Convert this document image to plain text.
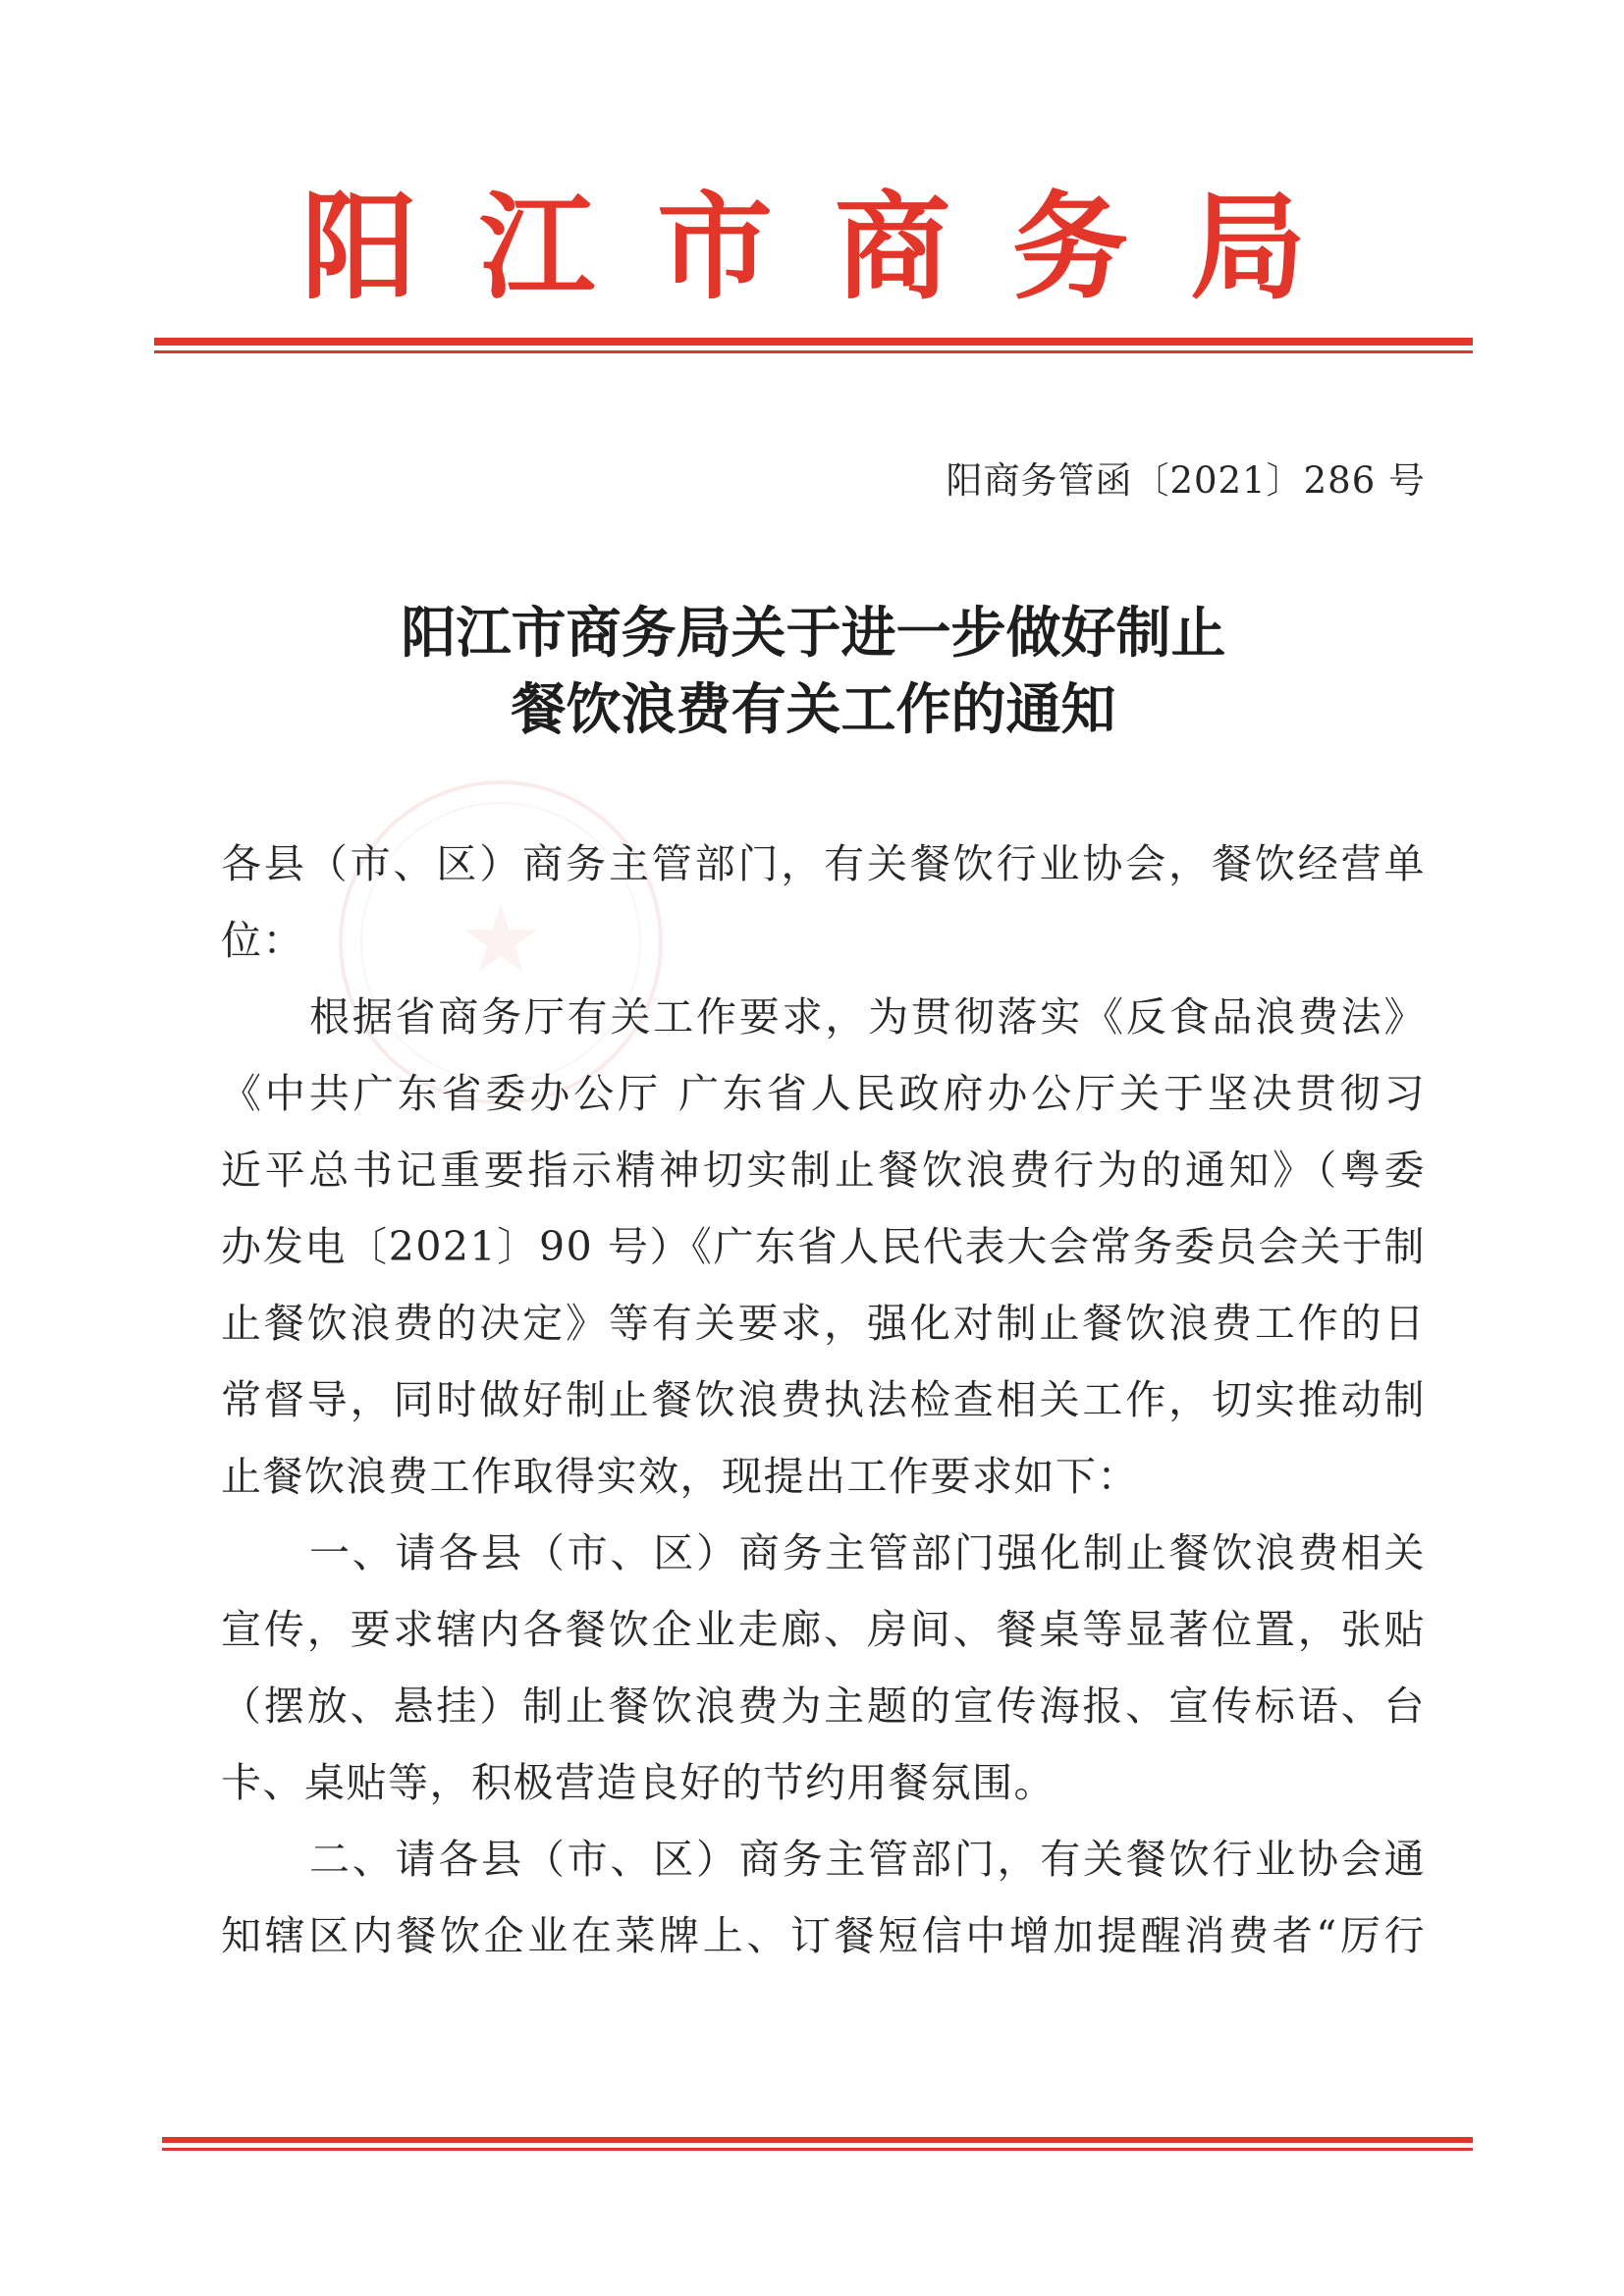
阳江市商务局
阳商务管函〔2021〕286 号
阳江市商务局关于进一步做好制止
餐饮浪费有关工作的通知
★
各县（市、区）商务主管部门，有关餐饮行业协会，餐饮经营单
位：
根据省商务厅有关工作要求，为贯彻落实《反食品浪费法》
《中共广东省委办公厅 广东省人民政府办公厅关于坚决贯彻习
近平总书记重要指示精神切实制止餐饮浪费行为的通知》（粤委
办发电〔2021〕90 号）《广东省人民代表大会常务委员会关于制
止餐饮浪费的决定》等有关要求，强化对制止餐饮浪费工作的日
常督导，同时做好制止餐饮浪费执法检查相关工作，切实推动制
止餐饮浪费工作取得实效，现提出工作要求如下：
一、请各县（市、区）商务主管部门强化制止餐饮浪费相关
宣传，要求辖内各餐饮企业走廊、房间、餐桌等显著位置，张贴
（摆放、悬挂）制止餐饮浪费为主题的宣传海报、宣传标语、台
卡、桌贴等，积极营造良好的节约用餐氛围。
二、请各县（市、区）商务主管部门，有关餐饮行业协会通
知辖区内餐饮企业在菜牌上、订餐短信中增加提醒消费者“厉行
